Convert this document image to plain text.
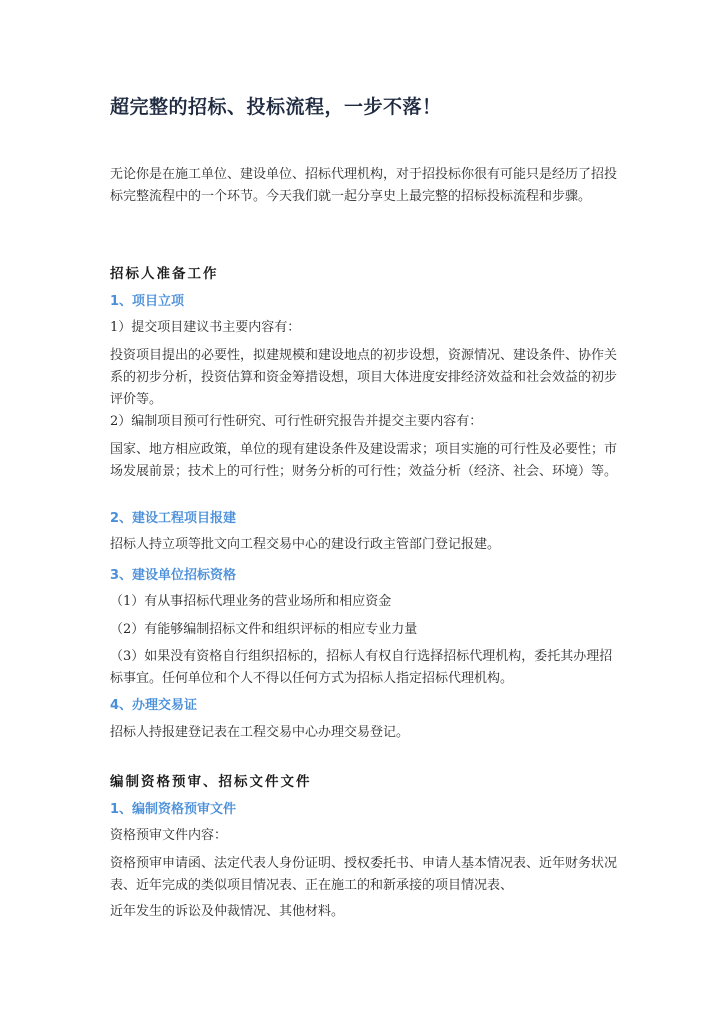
超完整的招标、投标流程，一步不落！

无论你是在施工单位、建设单位、招标代理机构，对于招投标你很有可能只是经历了招投标完整流程中的一个环节。今天我们就一起分享史上最完整的招标投标流程和步骤。

招标人准备工作
1、项目立项

1）提交项目建议书主要内容有：

投资项目提出的必要性，拟建规模和建设地点的初步设想，资源情况、建设条件、协作关系的初步分析，投资估算和资金筹措设想，项目大体进度安排经济效益和社会效益的初步评价等。

2）编制项目预可行性研究、可行性研究报告并提交主要内容有：

国家、地方相应政策，单位的现有建设条件及建设需求；项目实施的可行性及必要性；市场发展前景；技术上的可行性；财务分析的可行性；效益分析（经济、社会、环境）等。

2、建设工程项目报建

招标人持立项等批文向工程交易中心的建设行政主管部门登记报建。

3、建设单位招标资格

（1）有从事招标代理业务的营业场所和相应资金

（2）有能够编制招标文件和组织评标的相应专业力量

（3）如果没有资格自行组织招标的，招标人有权自行选择招标代理机构，委托其办理招标事宜。任何单位和个人不得以任何方式为招标人指定招标代理机构。

4、办理交易证

招标人持报建登记表在工程交易中心办理交易登记。

编制资格预审、招标文件文件
1、编制资格预审文件

资格预审文件内容：

资格预审申请函、法定代表人身份证明、授权委托书、申请人基本情况表、近年财务状况表、近年完成的类似项目情况表、正在施工的和新承接的项目情况表、

近年发生的诉讼及仲裁情况、其他材料。
